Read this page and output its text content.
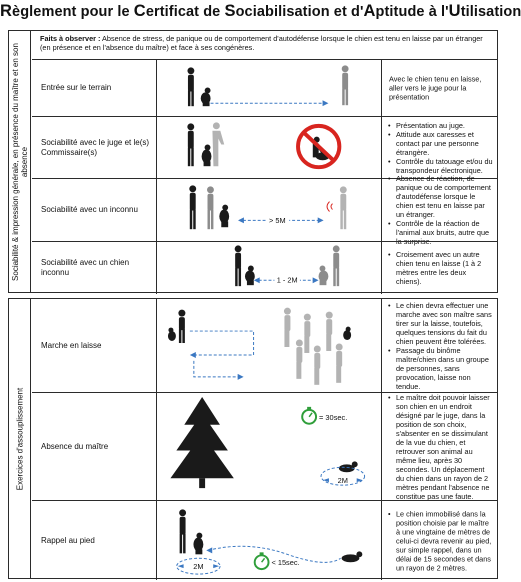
Règlement pour le Certificat de Sociabilisation et d'Aptitude à l'Utilisation
Sociabilité & impression générale, en présence du maître et en son absence
Faits à observer : Absence de stress, de panique ou de comportement d'autodéfense lorsque le chien est tenu en laisse par un étranger (en présence et en l'absence du maître) et face à ses congénères.
Entrée sur le terrain

Avec le chien tenu en laisse, aller vers le juge pour la présentation

Sociabilité avec le juge et le(s) Commissaire(s)
• Présentation au juge.
• Attitude aux caresses et contact par une personne étrangère.
• Contrôle du tatouage et/ou du transpondeur électronique.
Sociabilité avec un inconnu
> 5M
• Absence de réaction, de panique ou de comportement d'autodéfense lorsque le chien est tenu en laisse par un étranger.
• Contrôle de la réaction de l'animal aux bruits, autre que la surprise.
Sociabilité avec un chien inconnu
1 - 2M
• Croisement avec un autre chien tenu en laisse (1 à 2 mètres entre les deux chiens).
Exercices d'assouplissement
Marche en laisse
• Le chien devra effectuer une marche avec son maître sans tirer sur la laisse, toutefois, quelques tensions du fait du chien peuvent être tolérées.
• Passage du binôme maître/chien dans un groupe de personnes, sans provocation, laisse non tendue.
Absence du maître
= 30sec.
2M
• Le maître doit pouvoir laisser son chien en un endroit désigné par le juge, dans la position de son choix, s'absenter en se dissimulant de la vue du chien, et retrouver son animal au même lieu, après 30 secondes. Un déplacement du chien dans un rayon de 2 mètres pendant l'absence ne constitue pas une faute.
Rappel au pied
2M	< 15sec.
• Le chien immobilisé dans la position choisie par le maître à une vingtaine de mètres de celui-ci devra revenir au pied, sur simple rappel, dans un délai de 15 secondes et dans un rayon de 2 mètres.
